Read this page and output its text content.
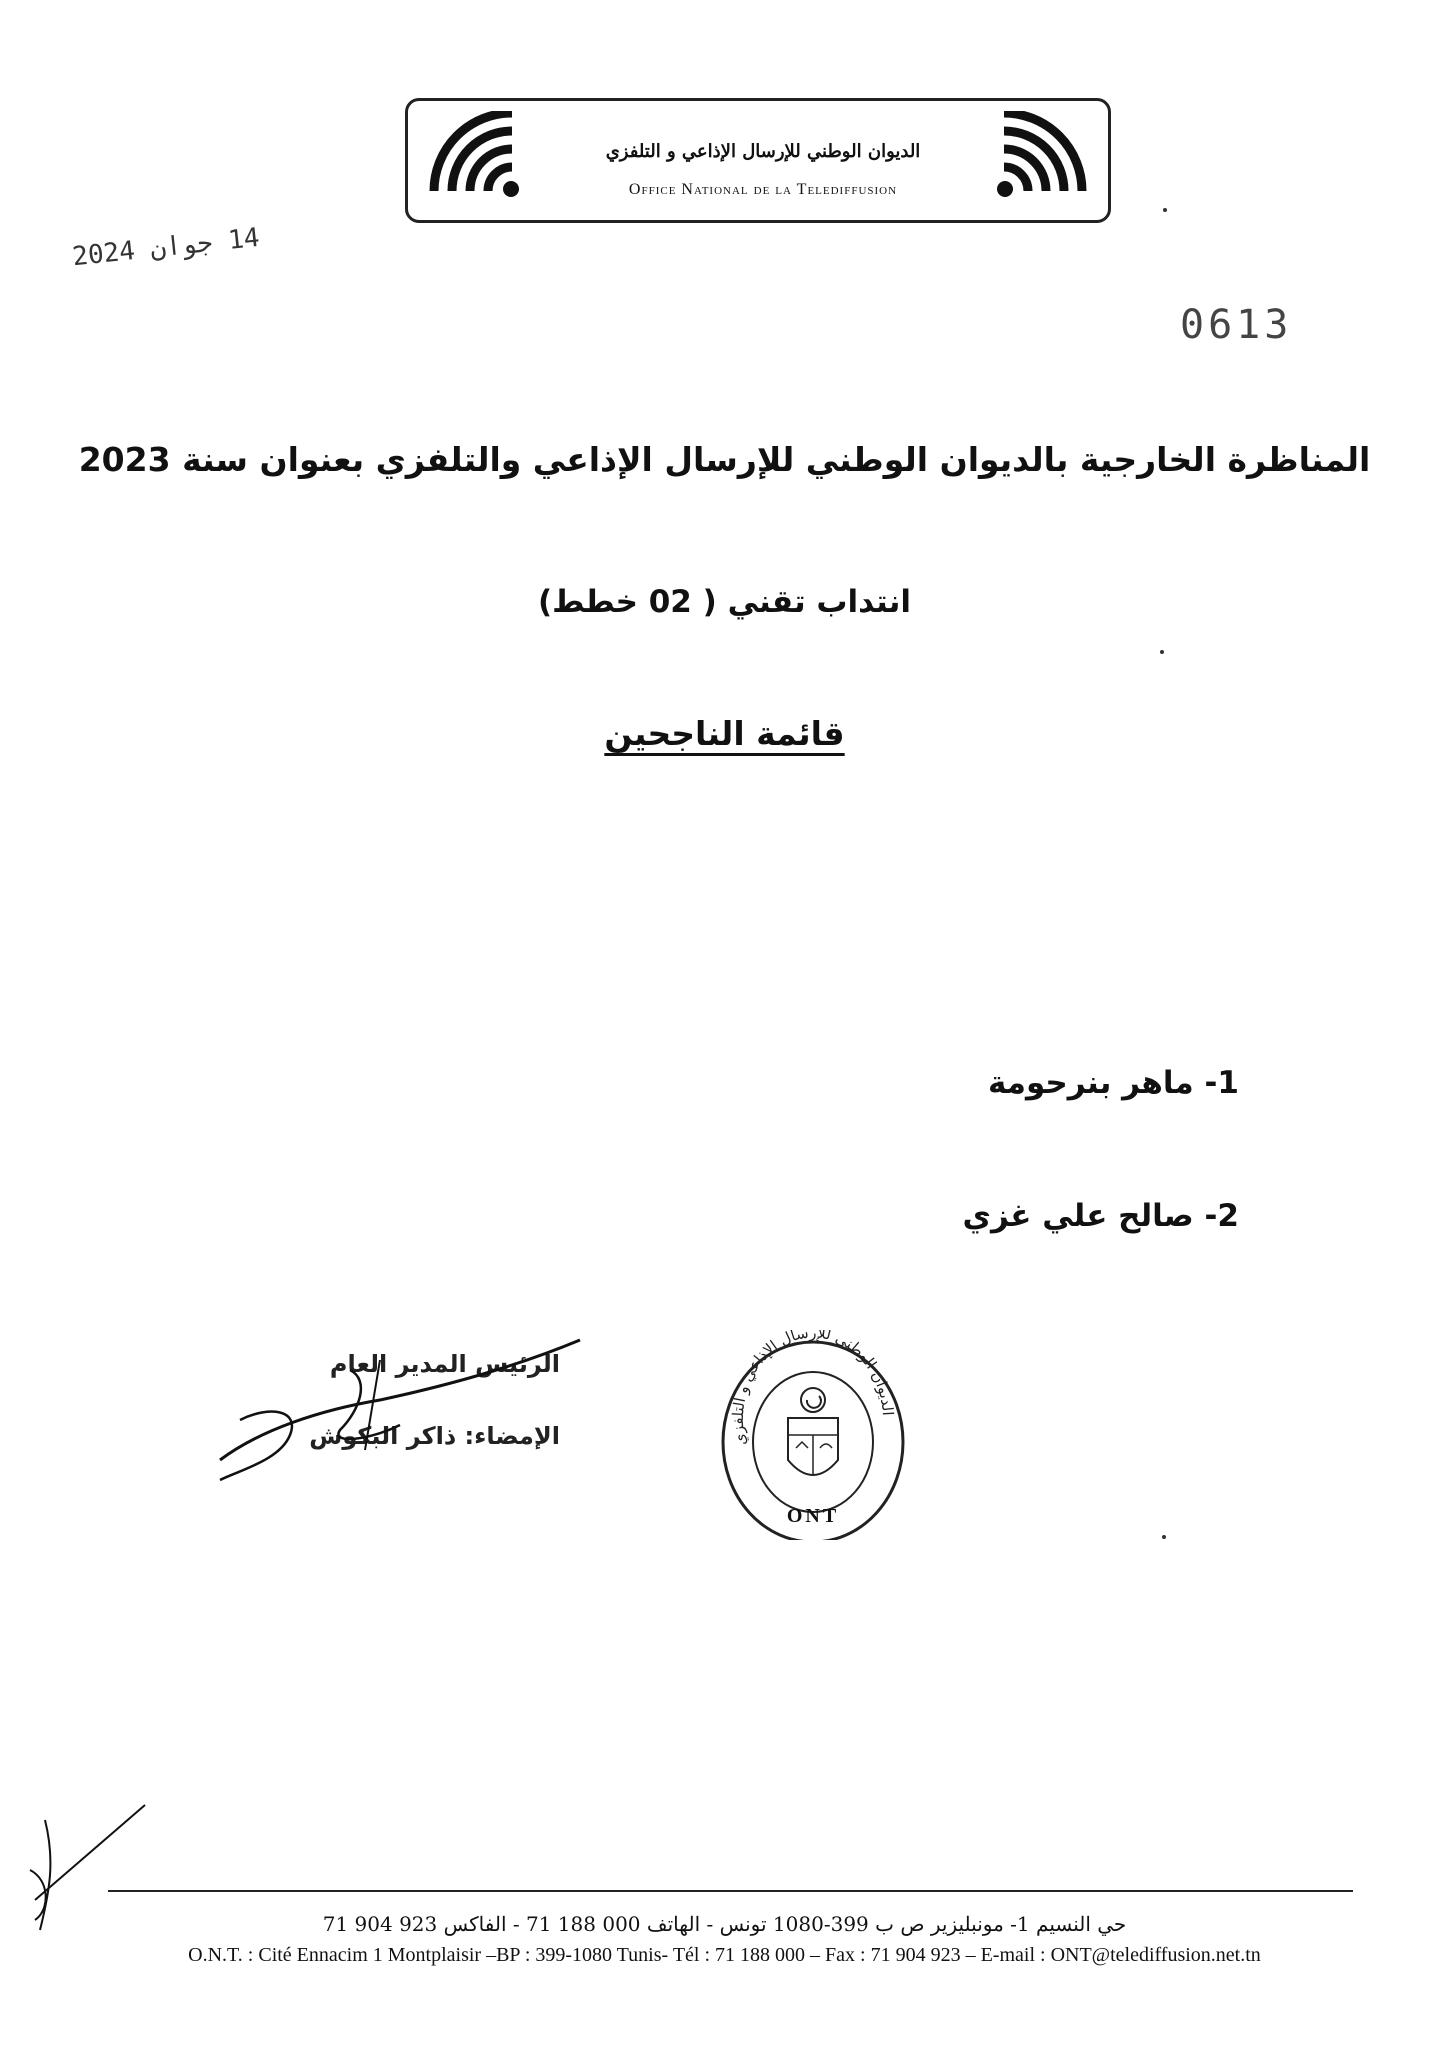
الديوان الوطني للإرسال الإذاعي و التلفزي
Office National de la Telediffusion
14 جوان 2024
0613
المناظرة الخارجية بالديوان الوطني للإرسال الإذاعي والتلفزي بعنوان سنة 2023
انتداب تقني ( 02 خطط)
قائمة الناجحين
1- ماهر بنرحومة
2- صالح علي غزي
الرئيس المدير العام
الإمضاء: ذاكر البكوش	الديوان الوطني للإرسال الإذاعي و التلفزي
ONT
حي النسيم 1- مونبليزير ص ب 399-1080 تونس - الهاتف 000 188 71 - الفاكس 923 904 71
O.N.T. : Cité Ennacim 1 Montplaisir –BP : 399-1080 Tunis- Tél : 71 188 000 – Fax : 71 904 923 – E-mail : ONT@telediffusion.net.tn
